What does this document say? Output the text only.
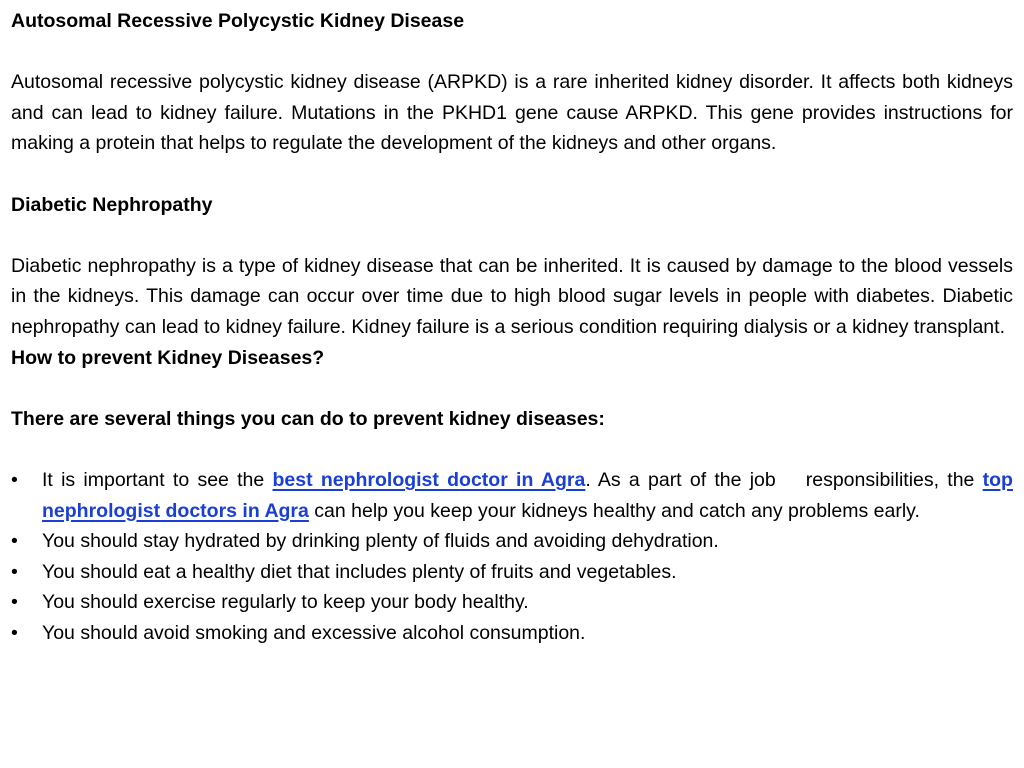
Autosomal Recessive Polycystic Kidney Disease

Autosomal recessive polycystic kidney disease (ARPKD) is a rare inherited kidney disorder. It affects both kidneys and can lead to kidney failure. Mutations in the PKHD1 gene cause ARPKD. This gene provides instructions for making a protein that helps to regulate the development of the kidneys and other organs.

Diabetic Nephropathy

Diabetic nephropathy is a type of kidney disease that can be inherited. It is caused by damage to the blood vessels in the kidneys. This damage can occur over time due to high blood sugar levels in people with diabetes. Diabetic nephropathy can lead to kidney failure. Kidney failure is a serious condition requiring dialysis or a kidney transplant.

How to prevent Kidney Diseases?

There are several things you can do to prevent kidney diseases:

•	It is important to see the best nephrologist doctor in Agra. As a part of the job responsibilities, the top nephrologist doctors in Agra can help you keep your kidneys healthy and catch any problems early.
•	You should stay hydrated by drinking plenty of fluids and avoiding dehydration.
•	You should eat a healthy diet that includes plenty of fruits and vegetables.
•	You should exercise regularly to keep your body healthy.
•	You should avoid smoking and excessive alcohol consumption.
